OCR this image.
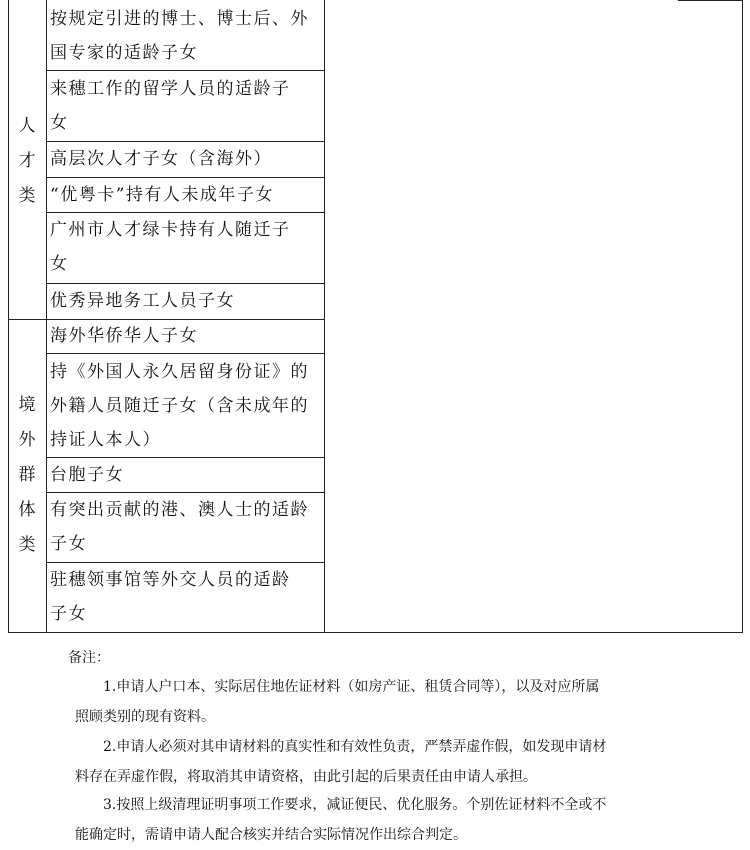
人
才
类
按规定引进的博士、博士后、外
国专家的适龄子女
来穗工作的留学人员的适龄子
女
高层次人才子女（含海外）
“优粤卡”持有人未成年子女
广州市人才绿卡持有人随迁子
女
优秀异地务工人员子女
境
外
群
体
类
海外华侨华人子女
持《外国人永久居留身份证》的
外籍人员随迁子女（含未成年的
持证人本人）
台胞子女
有突出贡献的港、澳人士的适龄
子女
驻穗领事馆等外交人员的适龄
子女
备注：
1.申请人户口本、实际居住地佐证材料（如房产证、租赁合同等），以及对应所属
照顾类别的现有资料。
2.申请人必须对其申请材料的真实性和有效性负责，严禁弄虚作假，如发现申请材
料存在弄虚作假，将取消其申请资格，由此引起的后果责任由申请人承担。
3.按照上级清理证明事项工作要求，减证便民、优化服务。个别佐证材料不全或不
能确定时，需请申请人配合核实并结合实际情况作出综合判定。
